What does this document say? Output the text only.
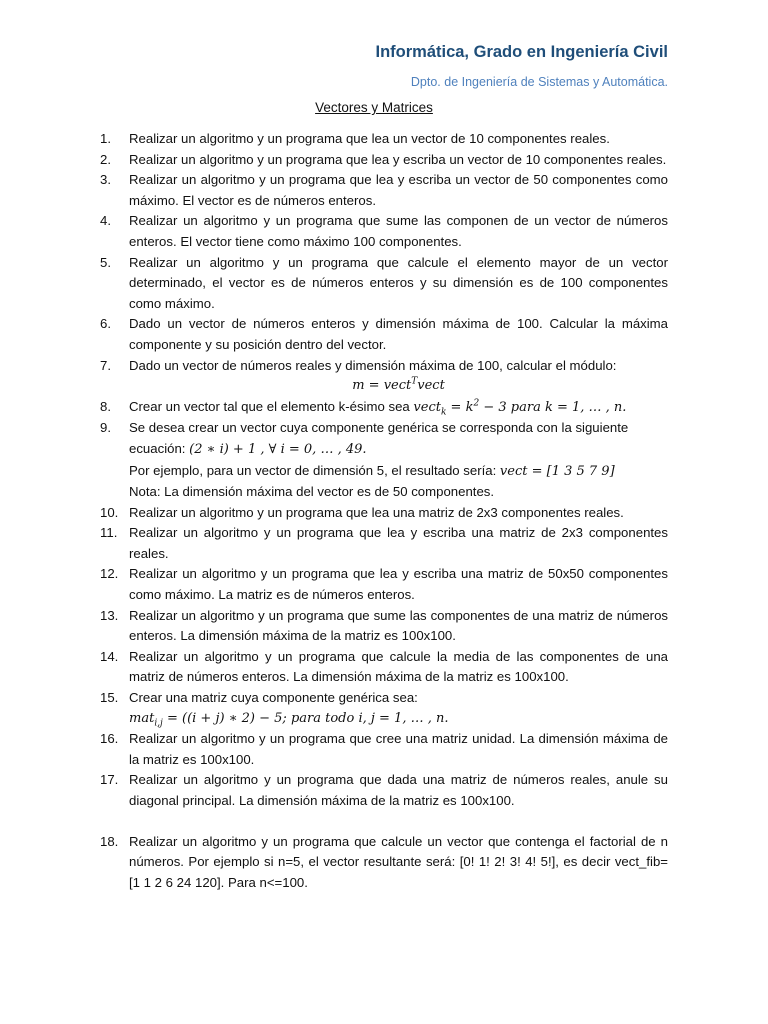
Informática, Grado en Ingeniería Civil
Dpto. de Ingeniería de Sistemas y Automática.
Vectores y Matrices
1.	Realizar un algoritmo y un programa que lea un vector de 10 componentes reales.

2.	Realizar un algoritmo y un programa que lea y escriba un vector de 10 componentes reales.

3.	Realizar un algoritmo y un programa que lea y escriba un vector de 50 componentes como máximo. El vector es de números enteros.

4.	Realizar un algoritmo y un programa que sume las componen de un vector de números enteros. El vector tiene como máximo 100 componentes.

5.	Realizar un algoritmo y un programa que calcule el elemento mayor de un vector determinado, el vector es de números enteros y su dimensión es de 100 componentes como máximo.

6.	Dado un vector de números enteros y dimensión máxima de 100. Calcular la máxima componente y su posición dentro del vector.

7.	Dado un vector de números reales y dimensión máxima de 100, calcular el módulo:

m = vect$^T$vect

8.	Crear un vector tal que el elemento k-ésimo sea vect$_k$ = $k^2 - 3$ para k = 1, … , n.

9.	Se desea crear un vector cuya componente genérica se corresponda con la siguiente

ecuación: (2 ∗ i) + 1 , ∀ i = 0, … , 49.

Por ejemplo, para un vector de dimensión 5, el resultado sería: vect = [1 3 5 7 9]

Nota: La dimensión máxima del vector es de 50 componentes.

10. Realizar un algoritmo y un programa que lea una matriz de 2x3 componentes reales.

11. Realizar un algoritmo y un programa que lea y escriba una matriz de 2x3 componentes reales.

12. Realizar un algoritmo y un programa que lea y escriba una matriz de 50x50 componentes como máximo. La matriz es de números enteros.

13. Realizar un algoritmo y un programa que sume las componentes de una matriz de números enteros. La dimensión máxima de la matriz es 100x100.

14. Realizar un algoritmo y un programa que calcule la media de las componentes de una matriz de números enteros. La dimensión máxima de la matriz es 100x100.

15. Crear una matriz cuya componente genérica sea:

mat$_{i,j}$ = ((i + j) ∗ 2) − 5; para todo i, j = 1, … , n.

16. Realizar un algoritmo y un programa que cree una matriz unidad. La dimensión máxima de la matriz es 100x100.

17. Realizar un algoritmo y un programa que dada una matriz de números reales, anule su diagonal principal. La dimensión máxima de la matriz es 100x100.

18. Realizar un algoritmo y un programa que calcule un vector que contenga el factorial de n números. Por ejemplo si n=5, el vector resultante será: [0! 1! 2! 3! 4! 5!], es decir vect_fib= [1 1 2 6 24 120]. Para n<=100.
